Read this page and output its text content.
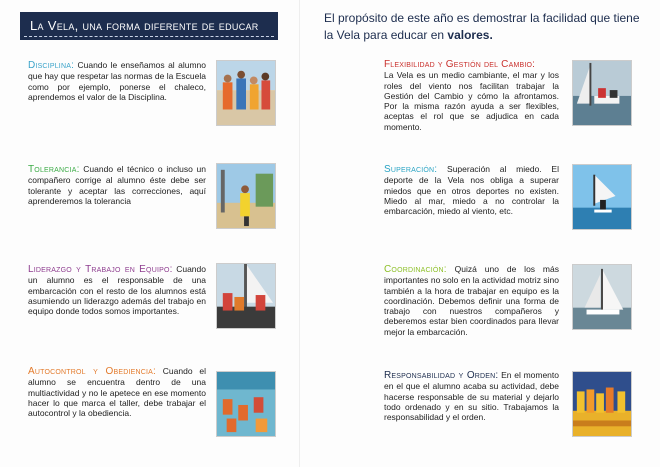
La Vela, una forma diferente de educar	El propósito de este año es demostrar la facilidad que tiene la Vela para educar en valores.
Disciplina: Cuando le enseñamos al alumno que hay que respetar las normas de la Escuela como por ejemplo, ponerse el chaleco, aprendemos el valor de la Disciplina.
Tolerancia: Cuando el técnico o incluso un compañero corrige al alumno éste debe ser tolerante y aceptar las correcciones, aquí aprenderemos la tolerancia
Liderazgo y Trabajo en Equipo: Cuando un alumno es el responsable de una embarcación con el resto de los alumnos está asumiendo un liderazgo además del trabajo en equipo donde todos somos importantes.
Autocontrol y Obediencia: Cuando el alumno se encuentra dentro de una multiactividad y no le apetece en ese momento hacer lo que marca el taller, debe trabajar el autocontrol y la obediencia.
Flexibilidad y Gestión del Cambio:
La Vela es un medio cambiante, el mar y los roles del viento nos facilitan trabajar la Gestión del Cambio y cómo la afrontamos. Por la misma razón ayuda a ser flexibles, aceptas el rol que se adjudica en cada momento.
Superación: Superación al miedo. El deporte de la Vela nos obliga a superar miedos que en otros deportes no existen. Miedo al mar, miedo a no controlar la embarcación, miedo al viento, etc.
Coordinación: Quizá uno de los más importantes no solo en la actividad motriz sino también a la hora de trabajar en equipo es la coordinación. Debemos definir una forma de trabajo con nuestros compañeros y deberemos estar bien coordinados para llevar mejor la embarcación.
Responsabilidad y Orden: En el momento en el que el alumno acaba su actividad, debe hacerse responsable de su material y dejarlo todo ordenado y en su sitio. Trabajamos la responsabilidad y el orden.
